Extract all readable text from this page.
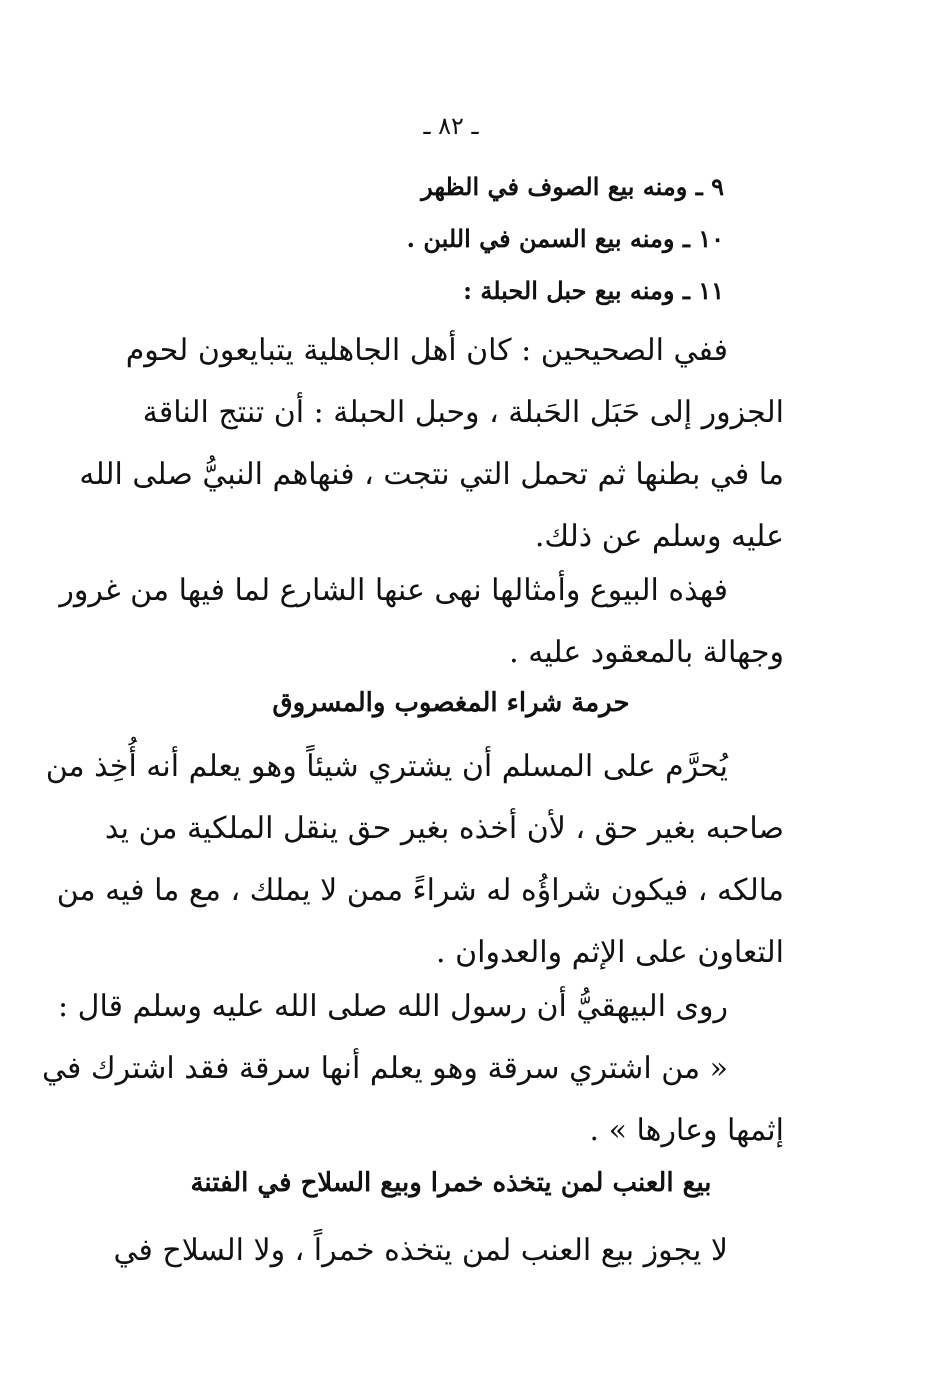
ـ ٨٢ ـ
٩ ـ ومنه بيع الصوف في الظهر
١٠ ـ ومنه بيع السمن في اللبن .
١١ ـ ومنه بيع حبل الحبلة :
ففي الصحيحين : كان أهل الجاهلية يتبايعون لحوم
الجزور إلى حَبَل الحَبلة ، وحبل الحبلة : أن تنتج الناقة
ما في بطنها ثم تحمل التي نتجت ، فنهاهم النبيُّ صلى الله
عليه وسلم عن ذلك.
فهذه البيوع وأمثالها نهى عنها الشارع لما فيها من غرور
وجهالة بالمعقود عليه .
حرمة شراء المغصوب والمسروق
يُحرَّم على المسلم أن يشتري شيئاً وهو يعلم أنه أُخِذ من
صاحبه بغير حق ، لأن أخذه بغير حق ينقل الملكية من يد
مالكه ، فيكون شراؤُه له شراءً ممن لا يملك ، مع ما فيه من
التعاون على الإثم والعدوان .
روى البيهقيُّ أن رسول الله صلى الله عليه وسلم قال :
« من اشتري سرقة وهو يعلم أنها سرقة فقد اشترك في
إثمها وعارها » .
بيع العنب لمن يتخذه خمرا وبيع السلاح في الفتنة
لا يجوز بيع العنب لمن يتخذه خمراً ، ولا السلاح في
